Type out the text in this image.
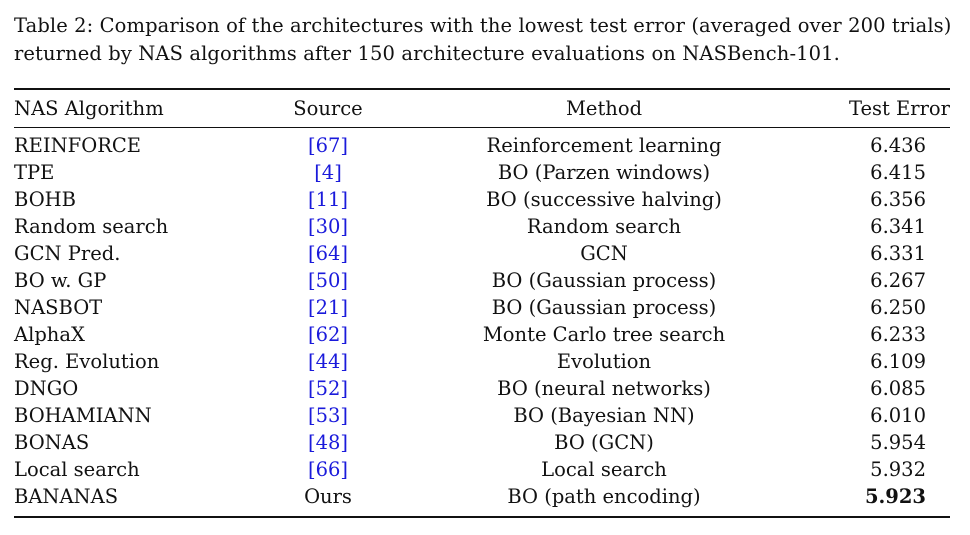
Table 2: Comparison of the architectures with the lowest test error (averaged over 200 trials)
returned by NAS algorithms after 150 architecture evaluations on NASBench-101.
NAS Algorithm	Source	Method	Test Error
REINFORCE	[67]	Reinforcement learning	6.436
TPE	[4]	BO (Parzen windows)	6.415
BOHB	[11]	BO (successive halving)	6.356
Random search	[30]	Random search	6.341
GCN Pred.	[64]	GCN	6.331
BO w. GP	[50]	BO (Gaussian process)	6.267
NASBOT	[21]	BO (Gaussian process)	6.250
AlphaX	[62]	Monte Carlo tree search	6.233
Reg. Evolution	[44]	Evolution	6.109
DNGO	[52]	BO (neural networks)	6.085
BOHAMIANN	[53]	BO (Bayesian NN)	6.010
BONAS	[48]	BO (GCN)	5.954
Local search	[66]	Local search	5.932
BANANAS	Ours	BO (path encoding)	5.923
